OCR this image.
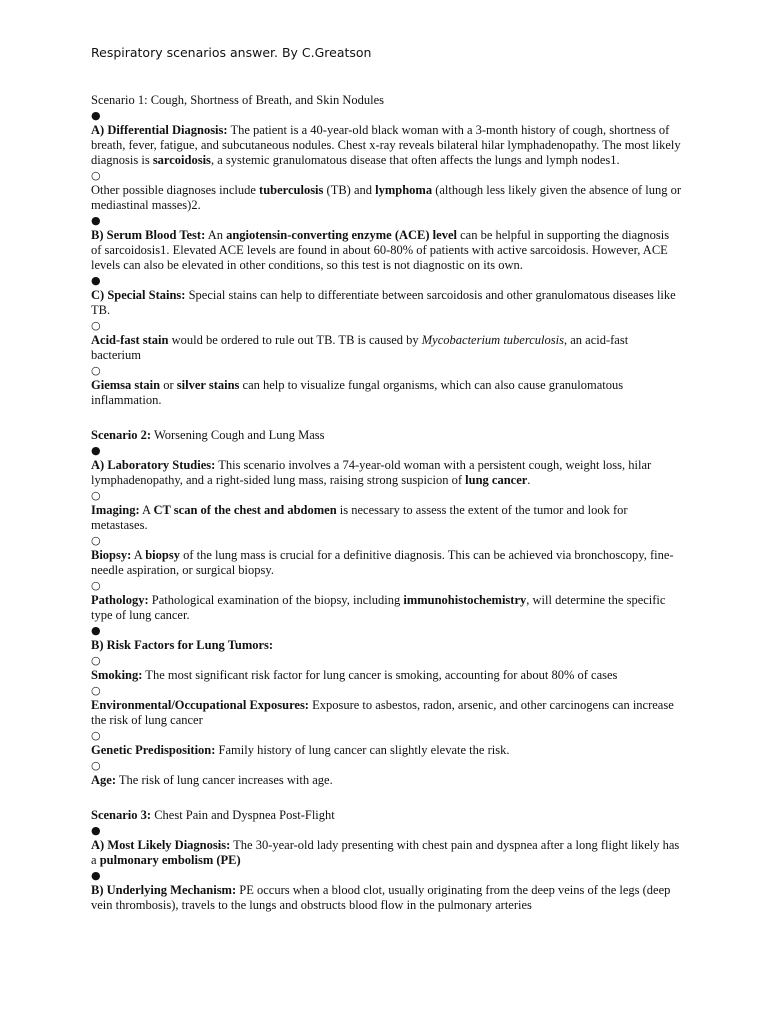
Respiratory scenarios answer. By C.Greatson

Scenario 1: Cough, Shortness of Breath, and Skin Nodules

●

A) Differential Diagnosis: The patient is a 40-year-old black woman with a 3-month history of cough, shortness of breath, fever, fatigue, and subcutaneous nodules. Chest x-ray reveals bilateral hilar lymphadenopathy. The most likely diagnosis is sarcoidosis, a systemic granulomatous disease that often affects the lungs and lymph nodes1.

○

Other possible diagnoses include tuberculosis (TB) and lymphoma (although less likely given the absence of lung or mediastinal masses)2.

●

B) Serum Blood Test: An angiotensin-converting enzyme (ACE) level can be helpful in supporting the diagnosis of sarcoidosis1. Elevated ACE levels are found in about 60-80% of patients with active sarcoidosis. However, ACE levels can also be elevated in other conditions, so this test is not diagnostic on its own.

●

C) Special Stains: Special stains can help to differentiate between sarcoidosis and other granulomatous diseases like TB.

○

Acid-fast stain would be ordered to rule out TB. TB is caused by Mycobacterium tuberculosis, an acid-fast bacterium

○

Giemsa stain or silver stains can help to visualize fungal organisms, which can also cause granulomatous inflammation.

Scenario 2: Worsening Cough and Lung Mass

●

A) Laboratory Studies: This scenario involves a 74-year-old woman with a persistent cough, weight loss, hilar lymphadenopathy, and a right-sided lung mass, raising strong suspicion of lung cancer.

○

Imaging: A CT scan of the chest and abdomen is necessary to assess the extent of the tumor and look for metastases.

○

Biopsy: A biopsy of the lung mass is crucial for a definitive diagnosis. This can be achieved via bronchoscopy, fine-needle aspiration, or surgical biopsy.

○

Pathology: Pathological examination of the biopsy, including immunohistochemistry, will determine the specific type of lung cancer.

●

B) Risk Factors for Lung Tumors:

○

Smoking: The most significant risk factor for lung cancer is smoking, accounting for about 80% of cases

○

Environmental/Occupational Exposures: Exposure to asbestos, radon, arsenic, and other carcinogens can increase the risk of lung cancer

○

Genetic Predisposition: Family history of lung cancer can slightly elevate the risk.

○

Age: The risk of lung cancer increases with age.

Scenario 3: Chest Pain and Dyspnea Post-Flight

●

A) Most Likely Diagnosis: The 30-year-old lady presenting with chest pain and dyspnea after a long flight likely has a pulmonary embolism (PE)

●

B) Underlying Mechanism: PE occurs when a blood clot, usually originating from the deep veins of the legs (deep vein thrombosis), travels to the lungs and obstructs blood flow in the pulmonary arteries
